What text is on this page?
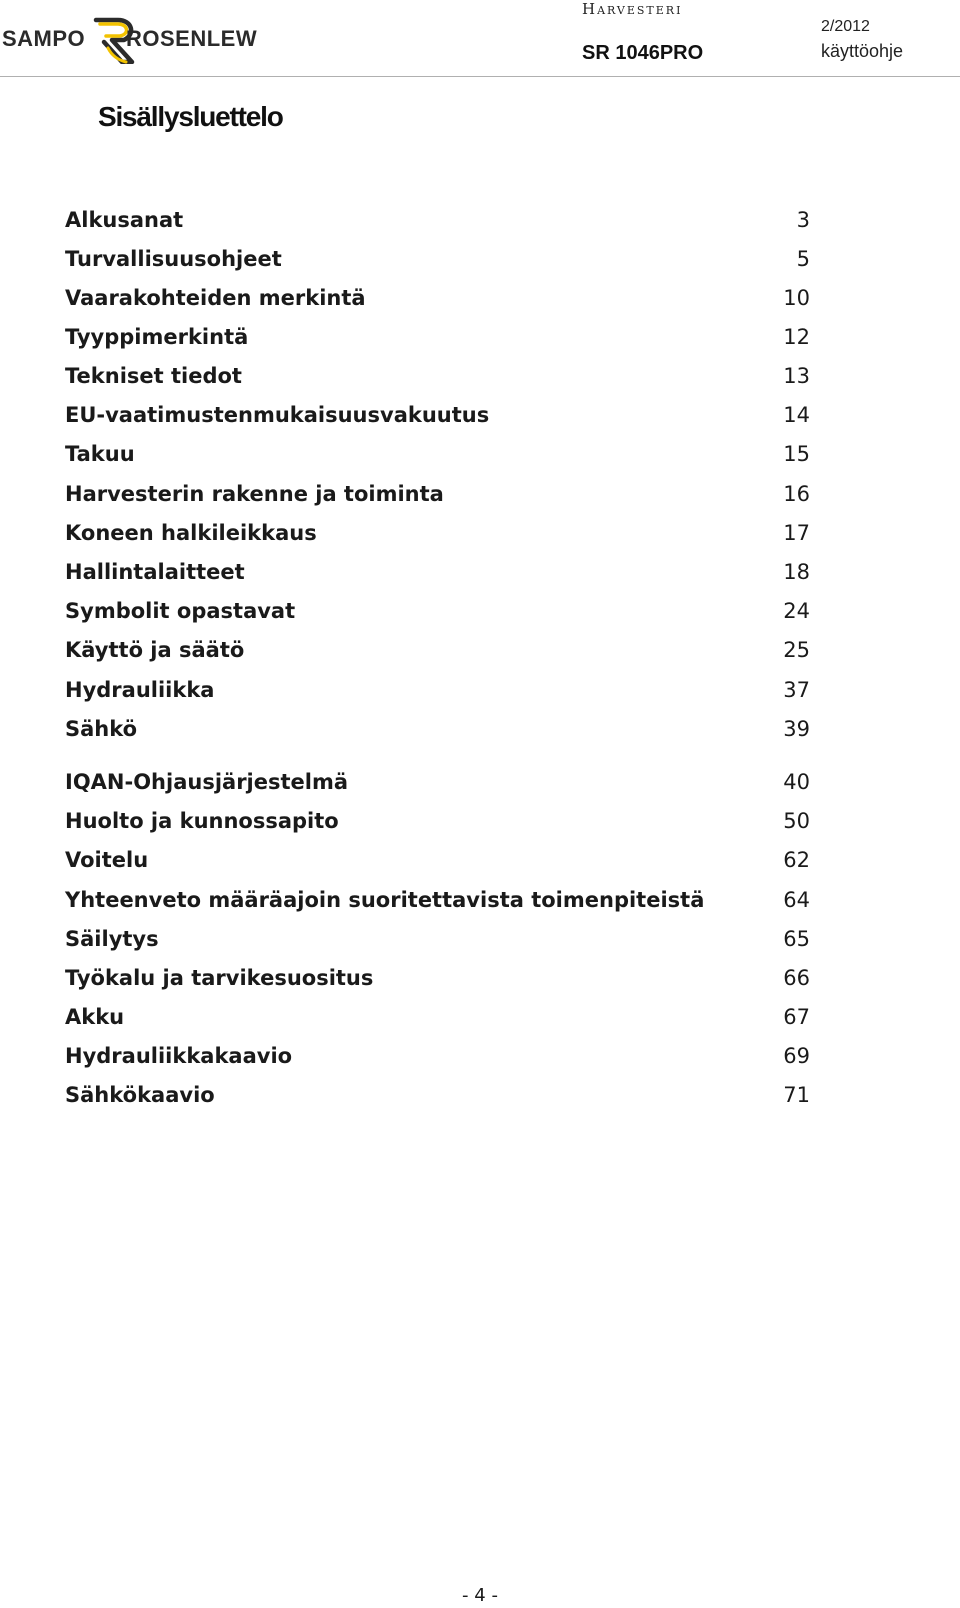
SAMPO ROSENLEW
Harvesteri
SR 1046PRO
2/2012
käyttöohje
Sisällysluettelo
Alkusanat	3
Turvallisuusohjeet	5
Vaarakohteiden merkintä	10
Tyyppimerkintä	12
Tekniset tiedot	13
EU-vaatimustenmukaisuusvakuutus	14
Takuu	15
Harvesterin rakenne ja toiminta	16
Koneen halkileikkaus	17
Hallintalaitteet	18
Symbolit opastavat	24
Käyttö ja säätö	25
Hydrauliikka	37
Sähkö	39
IQAN-Ohjausjärjestelmä	40
Huolto ja kunnossapito	50
Voitelu	62
Yhteenveto määräajoin suoritettavista toimenpiteistä	64
Säilytys	65
Työkalu ja tarvikesuositus	66
Akku	67
Hydrauliikkakaavio	69
Sähkökaavio	71
- 4 -
